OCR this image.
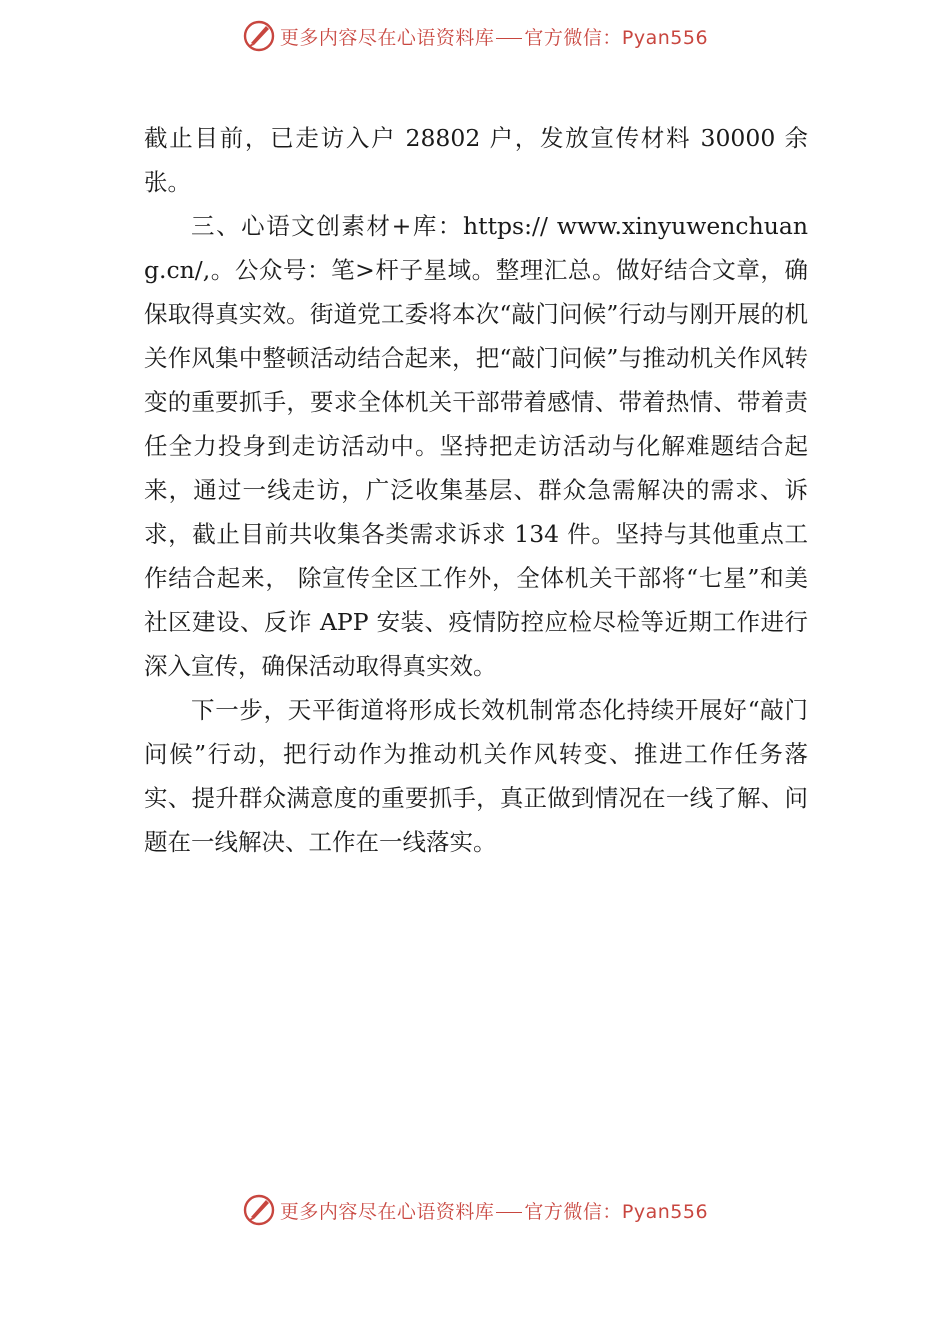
更多内容尽在心语资料库 官方微信：Pyan556

截止目前，已走访入户 28802 户，发放宣传材料 30000 余张。

三、心语文创素材+库：https:// www.xinyuwenchuang.cn/,。公众号：笔>杆子星域。整理汇总。做好结合文章，确保取得真实效。街道党工委将本次“敲门问候”行动与刚开展的机关作风集中整顿活动结合起来，把“敲门问候”与推动机关作风转变的重要抓手，要求全体机关干部带着感情、带着热情、带着责任全力投身到走访活动中。坚持把走访活动与化解难题结合起来，通过一线走访，广泛收集基层、群众急需解决的需求、诉求，截止目前共收集各类需求诉求 134 件。坚持与其他重点工作结合起来， 除宣传全区工作外，全体机关干部将“七星”和美社区建设、反诈 APP 安装、疫情防控应检尽检等近期工作进行深入宣传，确保活动取得真实效。

下一步，天平街道将形成长效机制常态化持续开展好“敲门问候”行动，把行动作为推动机关作风转变、推进工作任务落实、提升群众满意度的重要抓手，真正做到情况在一线了解、问题在一线解决、工作在一线落实。

更多内容尽在心语资料库 官方微信：Pyan556
